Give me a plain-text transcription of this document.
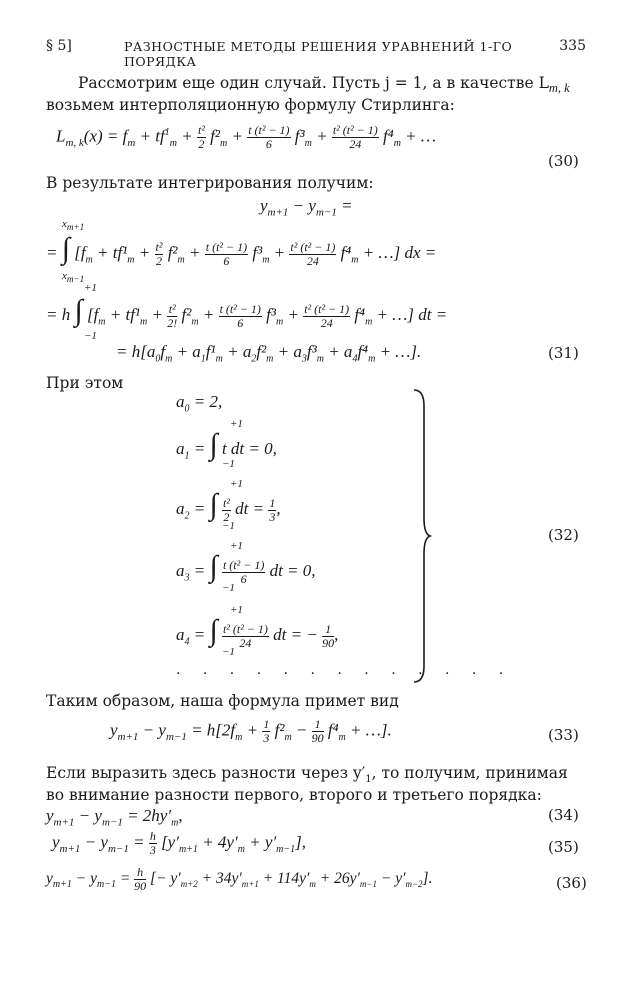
§ 5]	РАЗНОСТНЫЕ МЕТОДЫ РЕШЕНИЯ УРАВНЕНИЙ 1-ГО ПОРЯДКА
335
Рассмотрим еще один случай. Пусть j = 1, а в качестве $L_{m, k}$
возьмем интерполяционную формулу Стирлинга:
$L_{m, k}(x) = f_m + tf^1_m + \frac{\text{t²}}{2} f^2_m + \frac{\text{t (t² − 1)}}{6} f^3_m + \frac{\text{t² (t² − 1)}}{24} f^4_m$ + …
(30)
В результате интегрирования получим:
$y_{m+1} - y_{m-1}$ =
$x_{m+1}$
= ∫ [$f_m + tf^1_m + \frac{\text{t²}}{2} f^2_m + \frac{\text{t (t² − 1)}}{6} f^3_m + \frac{\text{t² (t² − 1)}}{24} f^4_m$ + …] dx =
$x_{m-1}$
+1
= h ∫ [$f_m + tf^1_m + \frac{\text{t²}}{2!} f^2_m + \frac{\text{t (t² − 1)}}{6} f^3_m + \frac{\text{t² (t² − 1)}}{24} f^4_m$ + …] dt =
−1
= $h[a_0f_m + a_1f^1_m + a_2f^2_m + a_3f^3_m + a_4f^4_m$ + …].	(31)
При этом
$a_0 = 2$,
+1
$a_1$ = ∫ t dt = 0,
−1
+1
$a_2$ = ∫ $\frac{\text{t²}}{2}$ dt = $\frac{1}{3}$ ,
−1
+1
$a_3$ = ∫ $\frac{\text{t (t² − 1)}}{6}$ dt = 0,
−1
+1
$a_4$ = ∫ $\frac{\text{t² (t² − 1)}}{24}$ dt = − $\frac{1}{90}$ ,
−1
. . . . . . . . . . . . .
(32)
Таким образом, наша формула примет вид
$y_{m+1} - y_{m-1} = h[2f_m + \frac{1}{3} f^2_m - \frac{1}{90} f^4_m$ + …].	(33)
Если выразить здесь разности через $y'_1$, то получим, принимая
во внимание разности первого, второго и третьего порядка:
$y_{m+1} - y_{m-1} = 2hy'_m$,	(34)
$y_{m+1} - y_{m-1} = \frac{h}{3} [y'_{m+1} + 4y'_m + y'_{m-1}]$,	(35)
$y_{m+1} - y_{m-1} = \frac{h}{90}$ [− $y'_{m+2} + 34y'_{m+1} + 114y'_m + 26y'_{m-1} - y'_{m-2}$].	(36)
